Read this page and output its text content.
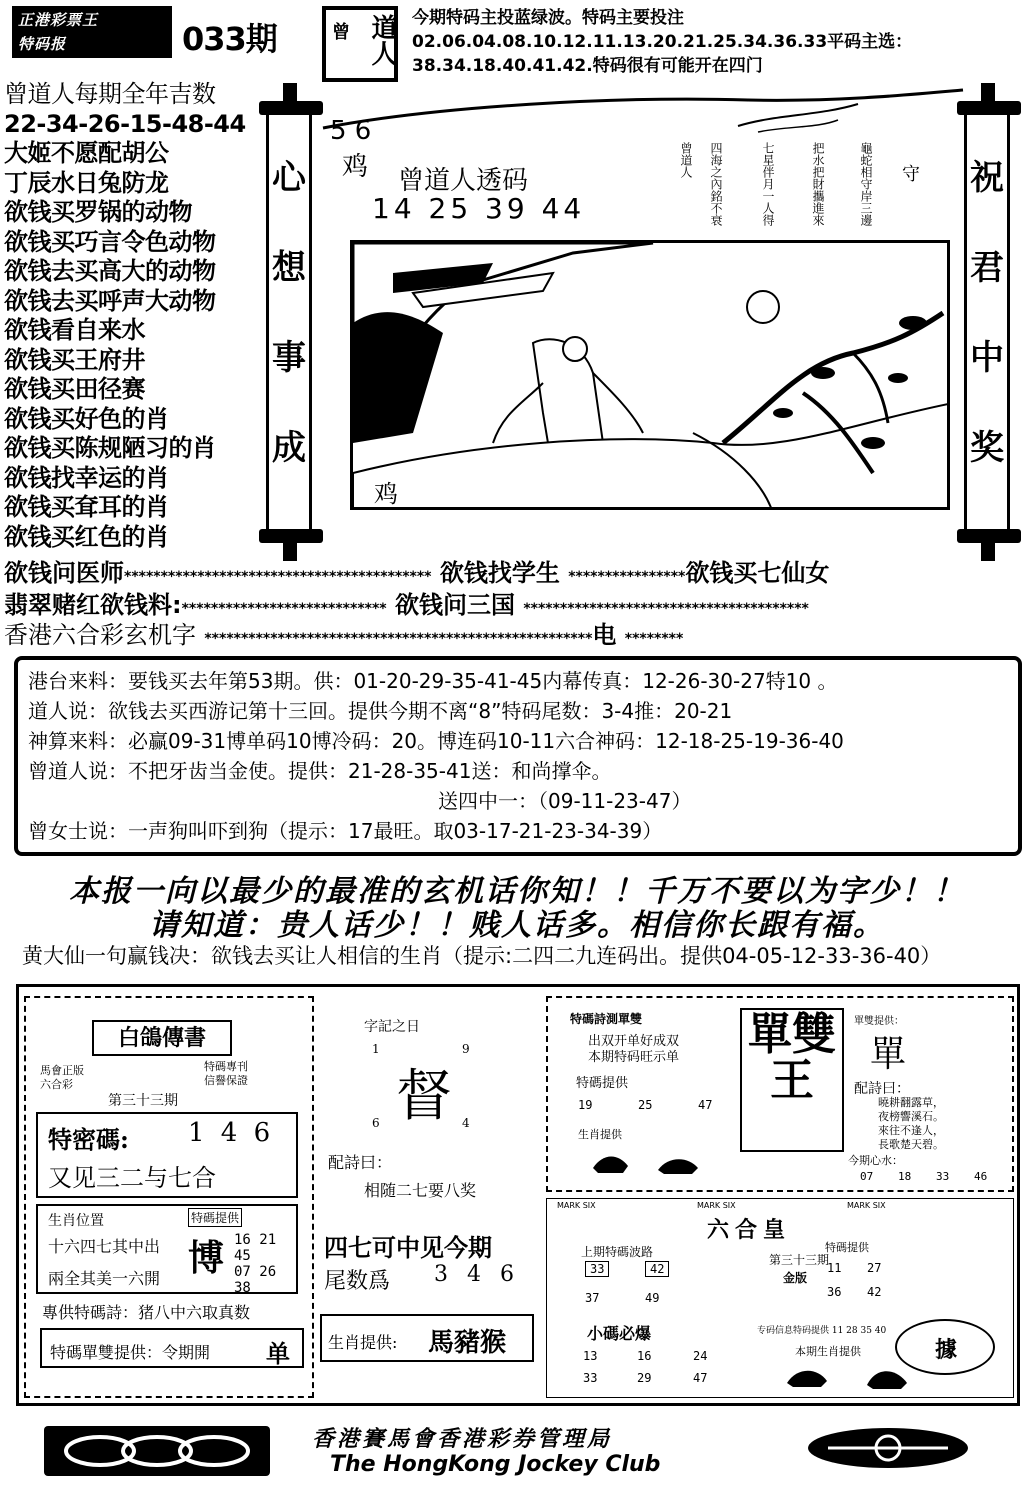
正港彩票王
特码报	033期	曾 道人 今期特码主投蓝绿波。特码主要投注02.06.04.08.10.12.11.13.20.21.25.34.36.33平码主选：38.34.18.40.41.42.特码很有可能开在四门
曾道人每期全年吉数
22-34-26-15-48-44
大姬不愿配胡公
丁辰水日兔防龙
欲钱买罗锅的动物
欲钱买巧言令色动物
欲钱去买高大的动物
欲钱去买呼声大动物
欲钱看自来水
欲钱买王府井
欲钱买田径赛
欲钱买好色的肖
欲钱买陈规陋习的肖
欲钱找幸运的肖
欲钱买耷耳的肖
欲钱买红色的肖
心
想
事
成
祝
君
中
奖
5 6
鸡 曾道人透码
14 25 39 44	龜蛇相守岸三邊
把水把財攜進來
七星伴月一人得
四海之內銘不衰
曾道人	守
鸡
欲钱问医师****************************************** 欲钱找学生 ****************欲钱买七仙女
翡翠赌红欲钱料:**************************** 欲钱问三国 ***************************************
香港六合彩玄机字 *****************************************************电 ********
港台来料：要钱买去年第53期。供：01-20-29-35-41-45内幕传真：12-26-30-27特10 。
道人说：欲钱去买西游记第十三回。提供今期不离“8”特码尾数：3-4推：20-21
神算来料：必赢09-31博单码10博冷码：20。博连码10-11六合神码：12-18-25-19-36-40
曾道人说：不把牙齿当金使。提供：21-28-35-41送：和尚撑伞。
送四中一：（09-11-23-47）
曾女士说：一声狗叫吓到狗（提示：17最旺。取03-17-21-23-34-39）
本报一向以最少的最准的玄机话你知！！千万不要以为字少！！
请知道：贵人话少！！贱人话多。相信你长跟有福。
黄大仙一句赢钱决：欲钱去买让人相信的生肖（提示:二四二九连码出。提供04-05-12-33-36-40）
白鴿傳書
馬會正版
六合彩
特碼專刊
信譽保證
第三十三期
特密碼: 1 4 6
又见三二与七合
生肖位置	特碼提供
十六四七其中出
兩全其美一六開 博 16 21 45
07 26 38
專供特碼詩：猪八中六取真数
特碼單雙提供：令期開 单
字記之日
1	9
督
6	4
配詩曰：
相随二七要八奖
四七可中见今期
尾数爲 3 4 6
生肖提供: 馬豬猴
特碼詩測單雙
出双开单好成双
本期特码旺示单
特碼提供
19	25	47
生肖提供
單雙王
單雙提供：
單
配詩曰：
曉耕翻露草，
夜榜響溪石。
來往不逢人，
長歌楚天碧。
今期心水：
07 18 33 46
MARK SIX	MARK SIX	MARK SIX
六合皇
上期特碼波路
33	42
37	49
第三十三期
金版
特碼提供
11 27
36 42
小碼必爆
13	16	24
33	29	47
专码信息特码提供 11 28 35 40
本期生肖提供	據
香港賽馬會香港彩券管理局
The HongKong Jockey Club
